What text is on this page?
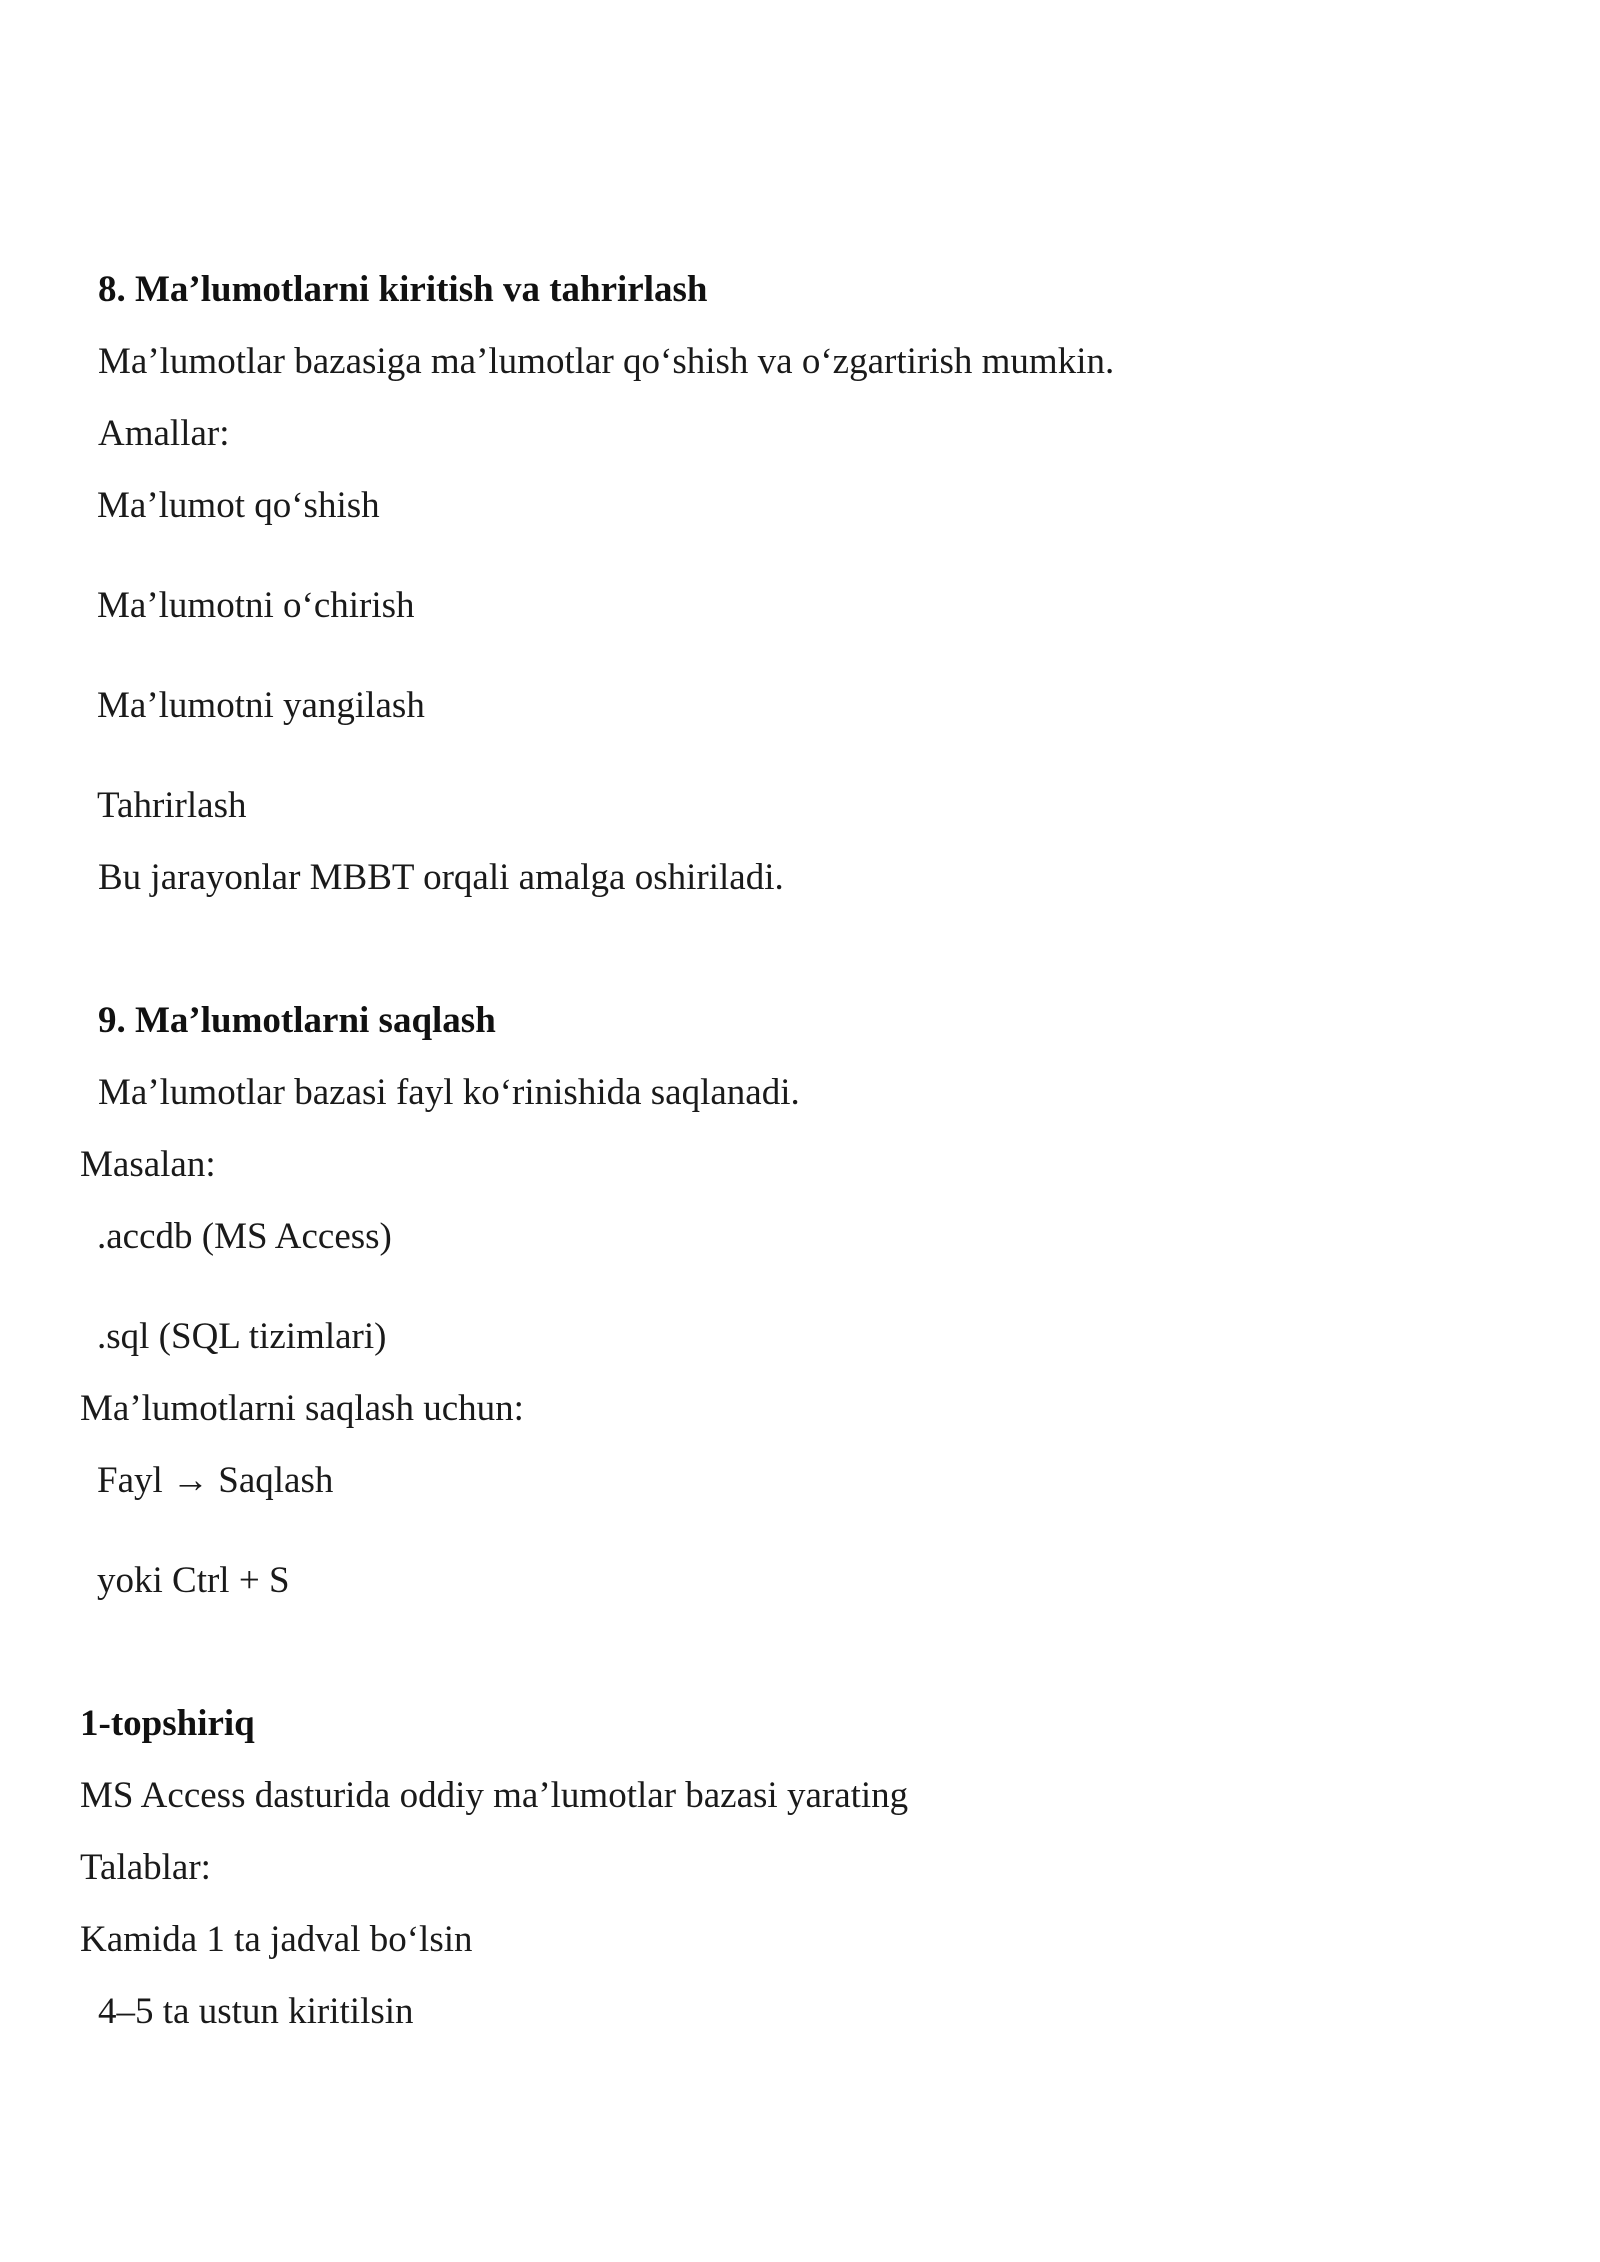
8. Ma’lumotlarni kiritish va tahrirlash
Ma’lumotlar bazasiga ma’lumotlar qo‘shish va o‘zgartirish mumkin.
Amallar:
Ma’lumot qo‘shish
Ma’lumotni o‘chirish
Ma’lumotni yangilash
Tahrirlash
Bu jarayonlar MBBT orqali amalga oshiriladi.
9. Ma’lumotlarni saqlash
Ma’lumotlar bazasi fayl ko‘rinishida saqlanadi.
Masalan:
.accdb (MS Access)
.sql (SQL tizimlari)
Ma’lumotlarni saqlash uchun:
Fayl → Saqlash
yoki Ctrl + S
1-topshiriq
MS Access dasturida oddiy ma’lumotlar bazasi yarating
Talablar:
Kamida 1 ta jadval bo‘lsin
4–5 ta ustun kiritilsin
